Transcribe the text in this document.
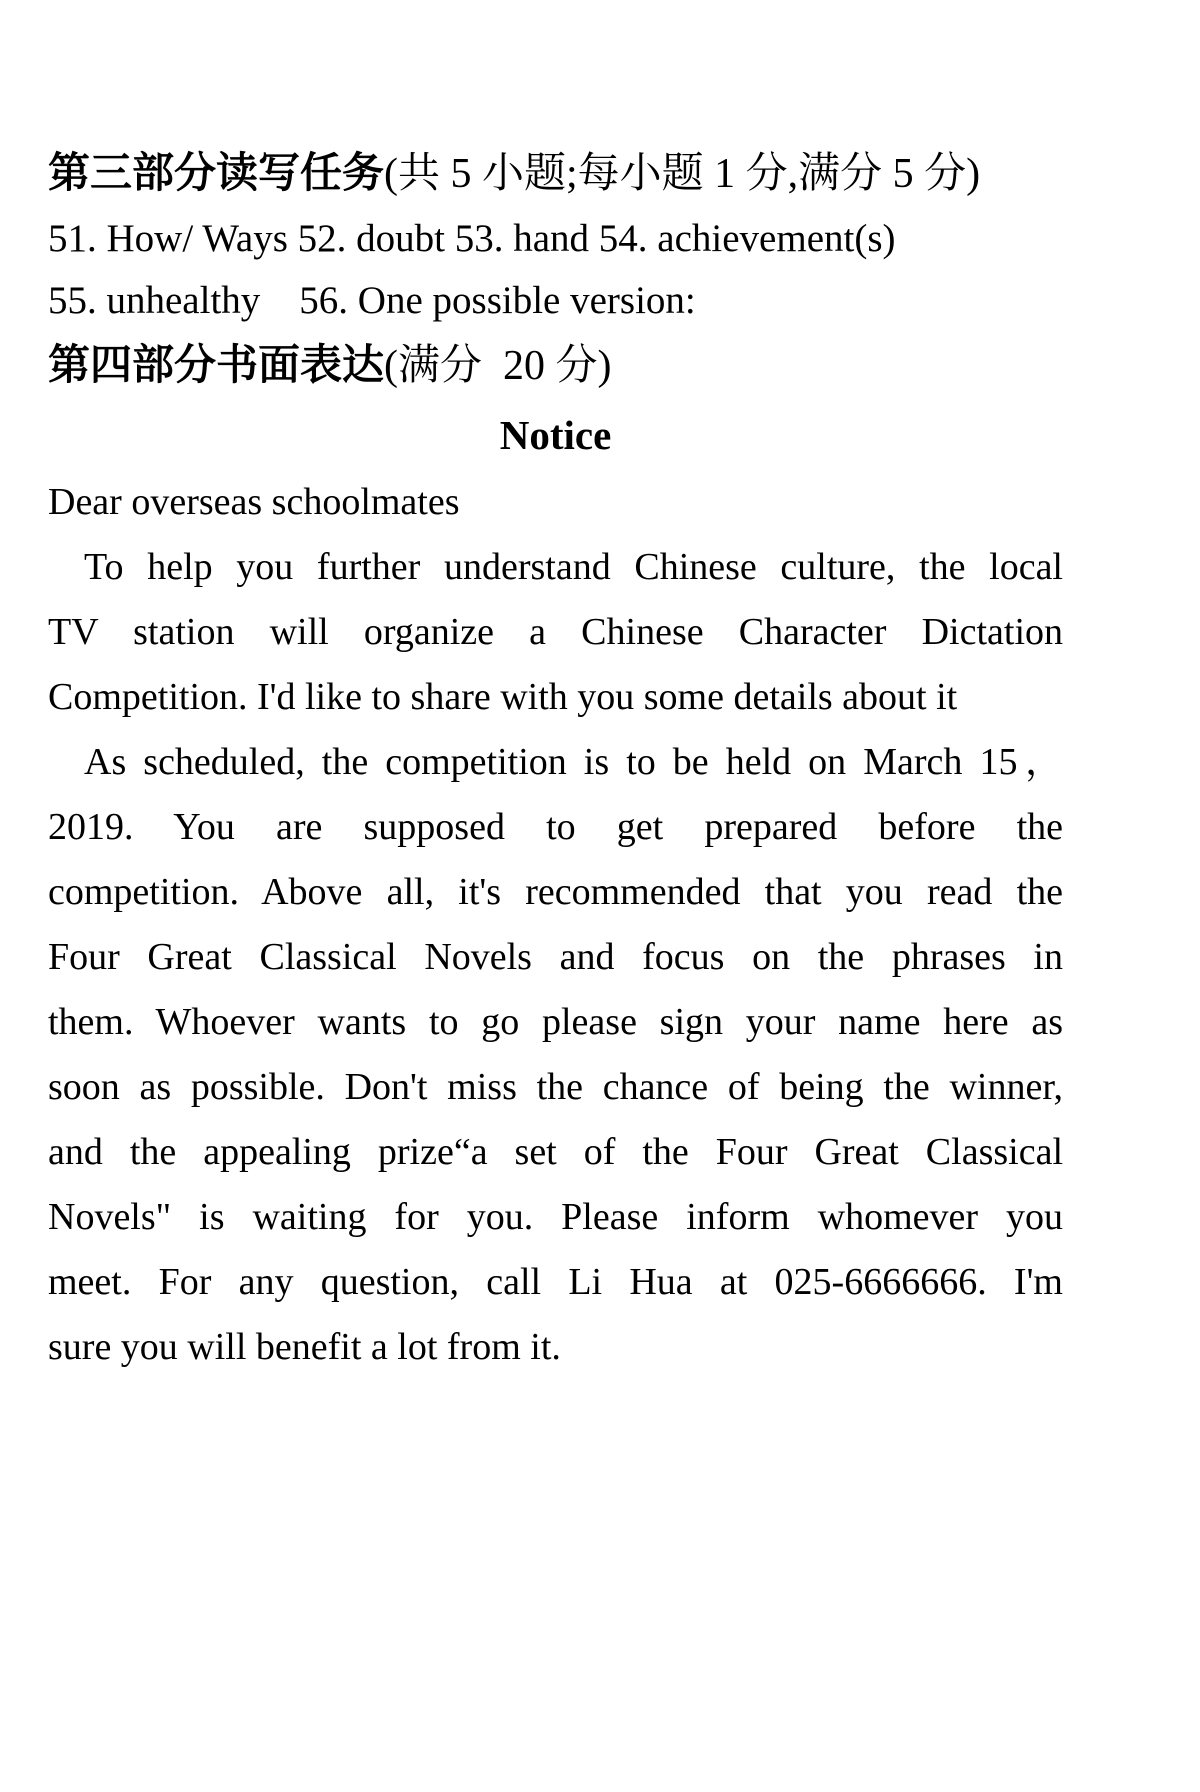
第三部分读写任务(共 5 小题;每小题 1 分,满分 5 分)
51. How/ Ways 52. doubt 53. hand 54. achievement(s)
55. unhealthy    56. One possible version:
第四部分书面表达(满分  20 分)
Notice
Dear overseas schoolmates
To help you further understand Chinese culture, the local
TV station will organize a Chinese Character Dictation
Competition. I'd like to share with you some details about it
As scheduled, the competition is to be held on March 15，
2019. You are supposed to get prepared before the
competition. Above all, it's recommended that you read the
Four Great Classical Novels and focus on the phrases in
them. Whoever wants to go please sign your name here as
soon as possible. Don't miss the chance of being the winner,
and the appealing prize“a set of the Four Great Classical
Novels" is waiting for you. Please inform whomever you
meet. For any question, call Li Hua at 025-6666666. I'm
sure you will benefit a lot from it.
